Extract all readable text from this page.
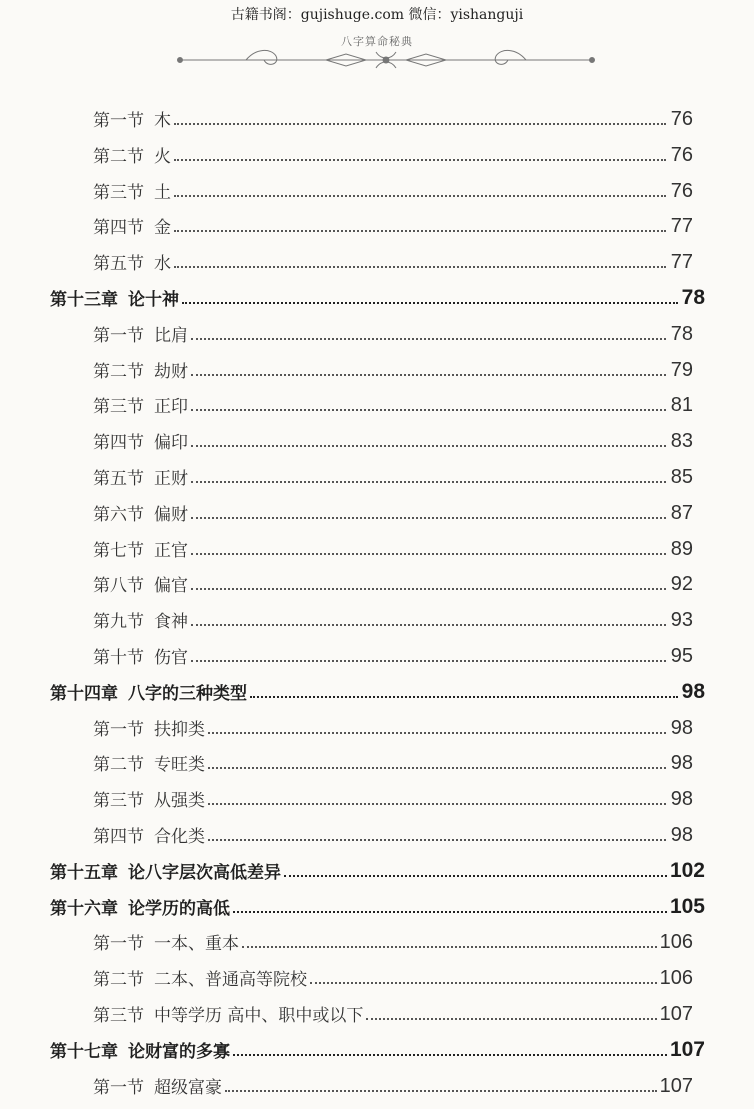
古籍书阁：gujishuge.com 微信：yishanguji
八字算命秘典
第一节 木	76
第二节 火	76
第三节 土	76
第四节 金	77
第五节 水	77
第十三章 论十神	78
第一节 比肩	78
第二节 劫财	79
第三节 正印	81
第四节 偏印	83
第五节 正财	85
第六节 偏财	87
第七节 正官	89
第八节 偏官	92
第九节 食神	93
第十节 伤官	95
第十四章 八字的三种类型	98
第一节 扶抑类	98
第二节 专旺类	98
第三节 从强类	98
第四节 合化类	98
第十五章 论八字层次高低差异	102
第十六章 论学历的高低	105
第一节 一本、重本	106
第二节 二本、普通高等院校	106
第三节 中等学历 高中、职中或以下	107
第十七章 论财富的多寡	107
第一节 超级富豪	107
